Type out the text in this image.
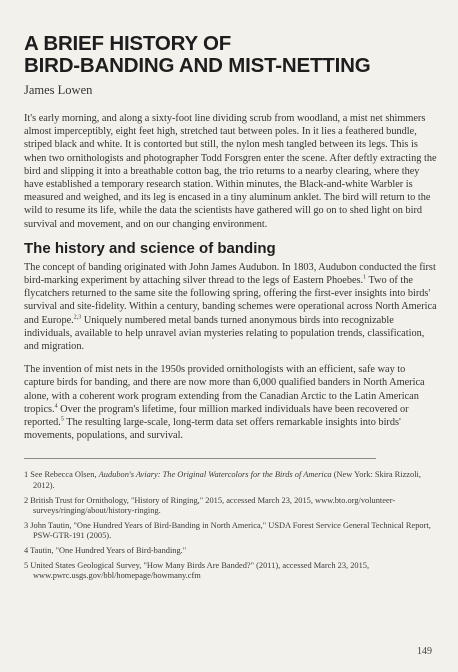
A BRIEF HISTORY OF
BIRD-BANDING AND MIST-NETTING
James Lowen

It's early morning, and along a sixty-foot line dividing scrub from woodland, a mist net shimmers almost imperceptibly, eight feet high, stretched taut between poles. In it lies a feathered bundle, striped black and white. It is contorted but still, the nylon mesh tangled between its legs. This is when two ornithologists and photographer Todd Forsgren enter the scene. After deftly extracting the bird and slipping it into a breathable cotton bag, the trio returns to a nearby clearing, where they have established a temporary research station. Within minutes, the Black-and-white Warbler is measured and weighed, and its leg is encased in a tiny aluminum anklet. The bird will return to the wild to resume its life, while the data the scientists have gathered will go on to shed light on bird survival and movement, and on our changing environment.

The history and science of banding

The concept of banding originated with John James Audubon. In 1803, Audubon conducted the first bird-marking experiment by attaching silver thread to the legs of Eastern Phoebes.$^1$ Two of the flycatchers returned to the same site the following spring, offering the first-ever insights into birds' survival and site-fidelity. Within a century, banding schemes were operational across North America and Europe.$^{2,3}$ Uniquely numbered metal bands turned anonymous birds into recognizable individuals, available to help unravel avian mysteries relating to population trends, classification, and migration.

The invention of mist nets in the 1950s provided ornithologists with an efficient, safe way to capture birds for banding, and there are now more than 6,000 qualified banders in North America alone, with a coherent work program extending from the Canadian Arctic to the Latin American tropics.$^4$ Over the program's lifetime, four million marked individuals have been recovered or reported.$^5$ The resulting large-scale, long-term data set offers remarkable insights into birds' movements, populations, and survival.

1 See Rebecca Olsen, Audubon's Aviary: The Original Watercolors for the Birds of America (New York: Skira Rizzoli, 2012).
2 British Trust for Ornithology, "History of Ringing," 2015, accessed March 23, 2015, www.bto.org/volunteer-surveys/ringing/about/history-ringing.
3 John Tautin, "One Hundred Years of Bird-Banding in North America," USDA Forest Service General Technical Report, PSW-GTR-191 (2005).
4 Tautin, "One Hundred Years of Bird-banding."
5 United States Geological Survey, "How Many Birds Are Banded?" (2011), accessed March 23, 2015, www.pwrc.usgs.gov/bbl/homepage/howmany.cfm
149
